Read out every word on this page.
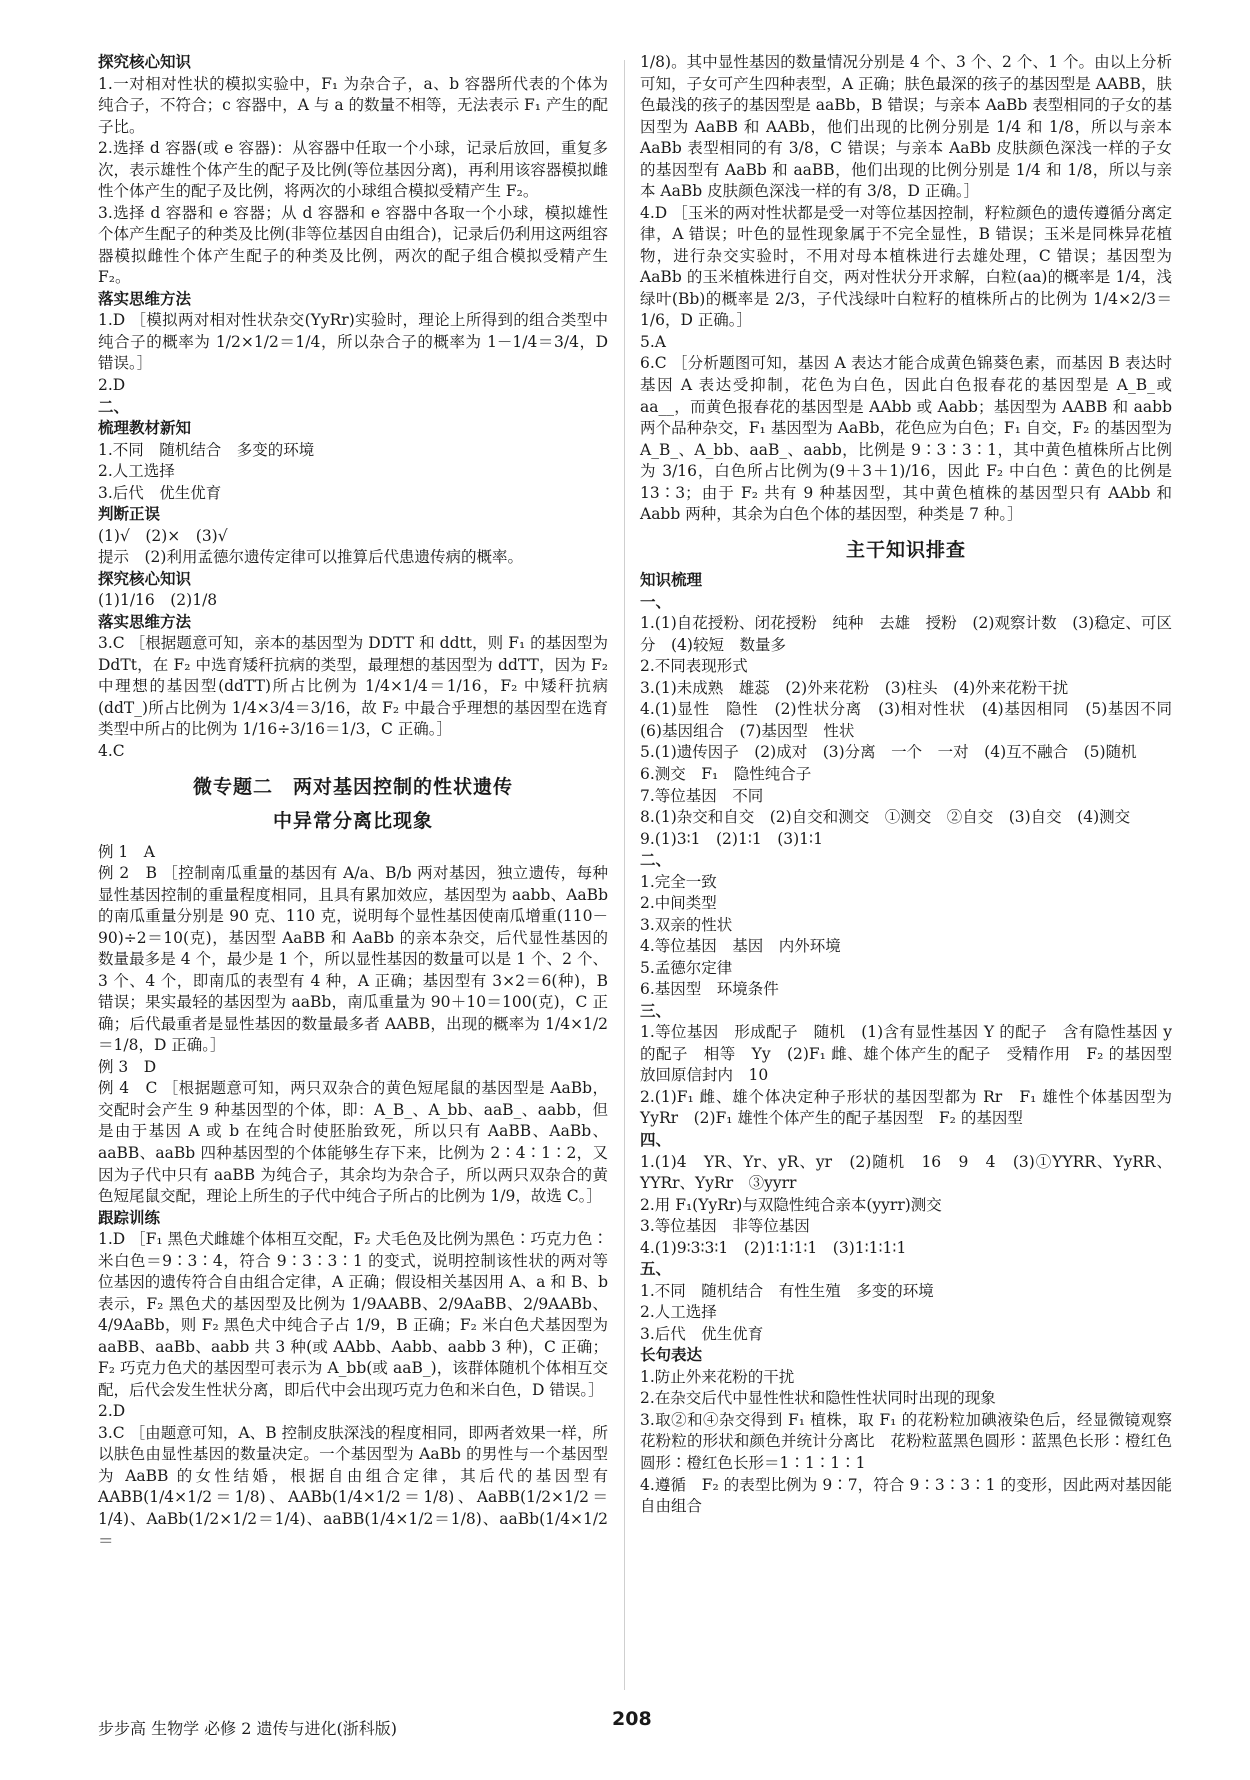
探究核心知识

1.一对相对性状的模拟实验中，F₁ 为杂合子，a、b 容器所代表的个体为纯合子，不符合；c 容器中，A 与 a 的数量不相等，无法表示 F₁ 产生的配子比。

2.选择 d 容器(或 e 容器)：从容器中任取一个小球，记录后放回，重复多次，表示雄性个体产生的配子及比例(等位基因分离)，再利用该容器模拟雌性个体产生的配子及比例，将两次的小球组合模拟受精产生 F₂。

3.选择 d 容器和 e 容器；从 d 容器和 e 容器中各取一个小球，模拟雄性个体产生配子的种类及比例(非等位基因自由组合)，记录后仍利用这两组容器模拟雌性个体产生配子的种类及比例，两次的配子组合模拟受精产生 F₂。

落实思维方法

1.D ［模拟两对相对性状杂交(YyRr)实验时，理论上所得到的组合类型中纯合子的概率为 1/2×1/2＝1/4，所以杂合子的概率为 1－1/4＝3/4，D 错误。］

2.D

二、

梳理教材新知

1.不同　随机结合　多变的环境

2.人工选择

3.后代　优生优育

判断正误

(1)√　(2)×　(3)√

提示　(2)利用孟德尔遗传定律可以推算后代患遗传病的概率。

探究核心知识

(1)1/16　(2)1/8

落实思维方法

3.C ［根据题意可知，亲本的基因型为 DDTT 和 ddtt，则 F₁ 的基因型为 DdTt，在 F₂ 中选育矮秆抗病的类型，最理想的基因型为 ddTT，因为 F₂ 中理想的基因型(ddTT)所占比例为 1/4×1/4＝1/16，F₂ 中矮秆抗病(ddT_)所占比例为 1/4×3/4＝3/16，故 F₂ 中最合乎理想的基因型在选育类型中所占的比例为 1/16÷3/16＝1/3，C 正确。］

4.C

微专题二　两对基因控制的性状遗传

中异常分离比现象

例 1　A

例 2　B ［控制南瓜重量的基因有 A/a、B/b 两对基因，独立遗传，每种显性基因控制的重量程度相同，且具有累加效应，基因型为 aabb、AaBb 的南瓜重量分别是 90 克、110 克，说明每个显性基因使南瓜增重(110－90)÷2＝10(克)，基因型 AaBB 和 AaBb 的亲本杂交，后代显性基因的数量最多是 4 个，最少是 1 个，所以显性基因的数量可以是 1 个、2 个、3 个、4 个，即南瓜的表型有 4 种，A 正确；基因型有 3×2＝6(种)，B 错误；果实最轻的基因型为 aaBb，南瓜重量为 90＋10＝100(克)，C 正确；后代最重者是显性基因的数量最多者 AABB，出现的概率为 1/4×1/2＝1/8，D 正确。］

例 3　D

例 4　C ［根据题意可知，两只双杂合的黄色短尾鼠的基因型是 AaBb，交配时会产生 9 种基因型的个体，即：A_B_、A_bb、aaB_、aabb，但是由于基因 A 或 b 在纯合时使胚胎致死，所以只有 AaBB、AaBb、aaBB、aaBb 四种基因型的个体能够生存下来，比例为 2∶4∶1∶2，又因为子代中只有 aaBB 为纯合子，其余均为杂合子，所以两只双杂合的黄色短尾鼠交配，理论上所生的子代中纯合子所占的比例为 1/9，故选 C。］

跟踪训练

1.D ［F₁ 黑色犬雌雄个体相互交配，F₂ 犬毛色及比例为黑色∶巧克力色∶米白色＝9∶3∶4，符合 9∶3∶3∶1 的变式，说明控制该性状的两对等位基因的遗传符合自由组合定律，A 正确；假设相关基因用 A、a 和 B、b 表示，F₂ 黑色犬的基因型及比例为 1/9AABB、2/9AaBB、2/9AABb、4/9AaBb，则 F₂ 黑色犬中纯合子占 1/9，B 正确；F₂ 米白色犬基因型为 aaBB、aaBb、aabb 共 3 种(或 AAbb、Aabb、aabb 3 种)，C 正确；F₂ 巧克力色犬的基因型可表示为 A_bb(或 aaB_)，该群体随机个体相互交配，后代会发生性状分离，即后代中会出现巧克力色和米白色，D 错误。］

2.D

3.C ［由题意可知，A、B 控制皮肤深浅的程度相同，即两者效果一样，所以肤色由显性基因的数量决定。一个基因型为 AaBb 的男性与一个基因型为 AaBB 的女性结婚，根据自由组合定律，其后代的基因型有 AABB(1/4×1/2＝1/8)、AABb(1/4×1/2＝1/8)、AaBB(1/2×1/2＝1/4)、AaBb(1/2×1/2＝1/4)、aaBB(1/4×1/2＝1/8)、aaBb(1/4×1/2＝

1/8)。其中显性基因的数量情况分别是 4 个、3 个、2 个、1 个。由以上分析可知，子女可产生四种表型，A 正确；肤色最深的孩子的基因型是 AABB，肤色最浅的孩子的基因型是 aaBb，B 错误；与亲本 AaBb 表型相同的子女的基因型为 AaBB 和 AABb，他们出现的比例分别是 1/4 和 1/8，所以与亲本 AaBb 表型相同的有 3/8，C 错误；与亲本 AaBb 皮肤颜色深浅一样的子女的基因型有 AaBb 和 aaBB，他们出现的比例分别是 1/4 和 1/8，所以与亲本 AaBb 皮肤颜色深浅一样的有 3/8，D 正确。］

4.D ［玉米的两对性状都是受一对等位基因控制，籽粒颜色的遗传遵循分离定律，A 错误；叶色的显性现象属于不完全显性，B 错误；玉米是同株异花植物，进行杂交实验时，不用对母本植株进行去雄处理，C 错误；基因型为 AaBb 的玉米植株进行自交，两对性状分开求解，白粒(aa)的概率是 1/4，浅绿叶(Bb)的概率是 2/3，子代浅绿叶白粒籽的植株所占的比例为 1/4×2/3＝1/6，D 正确。］

5.A

6.C ［分析题图可知，基因 A 表达才能合成黄色锦葵色素，而基因 B 表达时基因 A 表达受抑制，花色为白色，因此白色报春花的基因型是 A_B_或 aa__，而黄色报春花的基因型是 AAbb 或 Aabb；基因型为 AABB 和 aabb 两个品种杂交，F₁ 基因型为 AaBb，花色应为白色；F₁ 自交，F₂ 的基因型为 A_B_、A_bb、aaB_、aabb，比例是 9∶3∶3∶1，其中黄色植株所占比例为 3/16，白色所占比例为(9＋3＋1)/16，因此 F₂ 中白色∶黄色的比例是 13∶3；由于 F₂ 共有 9 种基因型，其中黄色植株的基因型只有 AAbb 和 Aabb 两种，其余为白色个体的基因型，种类是 7 种。］

主干知识排查

知识梳理

一、

1.(1)自花授粉、闭花授粉　纯种　去雄　授粉　(2)观察计数　(3)稳定、可区分　(4)较短　数量多

2.不同表现形式

3.(1)未成熟　雄蕊　(2)外来花粉　(3)柱头　(4)外来花粉干扰

4.(1)显性　隐性　(2)性状分离　(3)相对性状　(4)基因相同　(5)基因不同　(6)基因组合　(7)基因型　性状

5.(1)遗传因子　(2)成对　(3)分离　一个　一对　(4)互不融合　(5)随机

6.测交　F₁　隐性纯合子

7.等位基因　不同

8.(1)杂交和自交　(2)自交和测交　①测交　②自交　(3)自交　(4)测交

9.(1)3∶1　(2)1∶1　(3)1∶1

二、

1.完全一致

2.中间类型

3.双亲的性状

4.等位基因　基因　内外环境

5.孟德尔定律

6.基因型　环境条件

三、

1.等位基因　形成配子　随机　(1)含有显性基因 Y 的配子　含有隐性基因 y 的配子　相等　Yy　(2)F₁ 雌、雄个体产生的配子　受精作用　F₂ 的基因型　放回原信封内　10

2.(1)F₁ 雌、雄个体决定种子形状的基因型都为 Rr　F₁ 雄性个体基因型为 YyRr　(2)F₁ 雄性个体产生的配子基因型　F₂ 的基因型

四、

1.(1)4　YR、Yr、yR、yr　(2)随机　16　9　4　(3)①YYRR、YyRR、YYRr、YyRr　③yyrr

2.用 F₁(YyRr)与双隐性纯合亲本(yyrr)测交

3.等位基因　非等位基因

4.(1)9∶3∶3∶1　(2)1∶1∶1∶1　(3)1∶1∶1∶1

五、

1.不同　随机结合　有性生殖　多变的环境

2.人工选择

3.后代　优生优育

长句表达

1.防止外来花粉的干扰

2.在杂交后代中显性性状和隐性性状同时出现的现象

3.取②和④杂交得到 F₁ 植株，取 F₁ 的花粉粒加碘液染色后，经显微镜观察花粉粒的形状和颜色并统计分离比　花粉粒蓝黑色圆形∶蓝黑色长形∶橙红色圆形∶橙红色长形＝1∶1∶1∶1

4.遵循　F₂ 的表型比例为 9∶7，符合 9∶3∶3∶1 的变形，因此两对基因能自由组合

步步高 生物学 必修 2 遗传与进化(浙科版)	208
